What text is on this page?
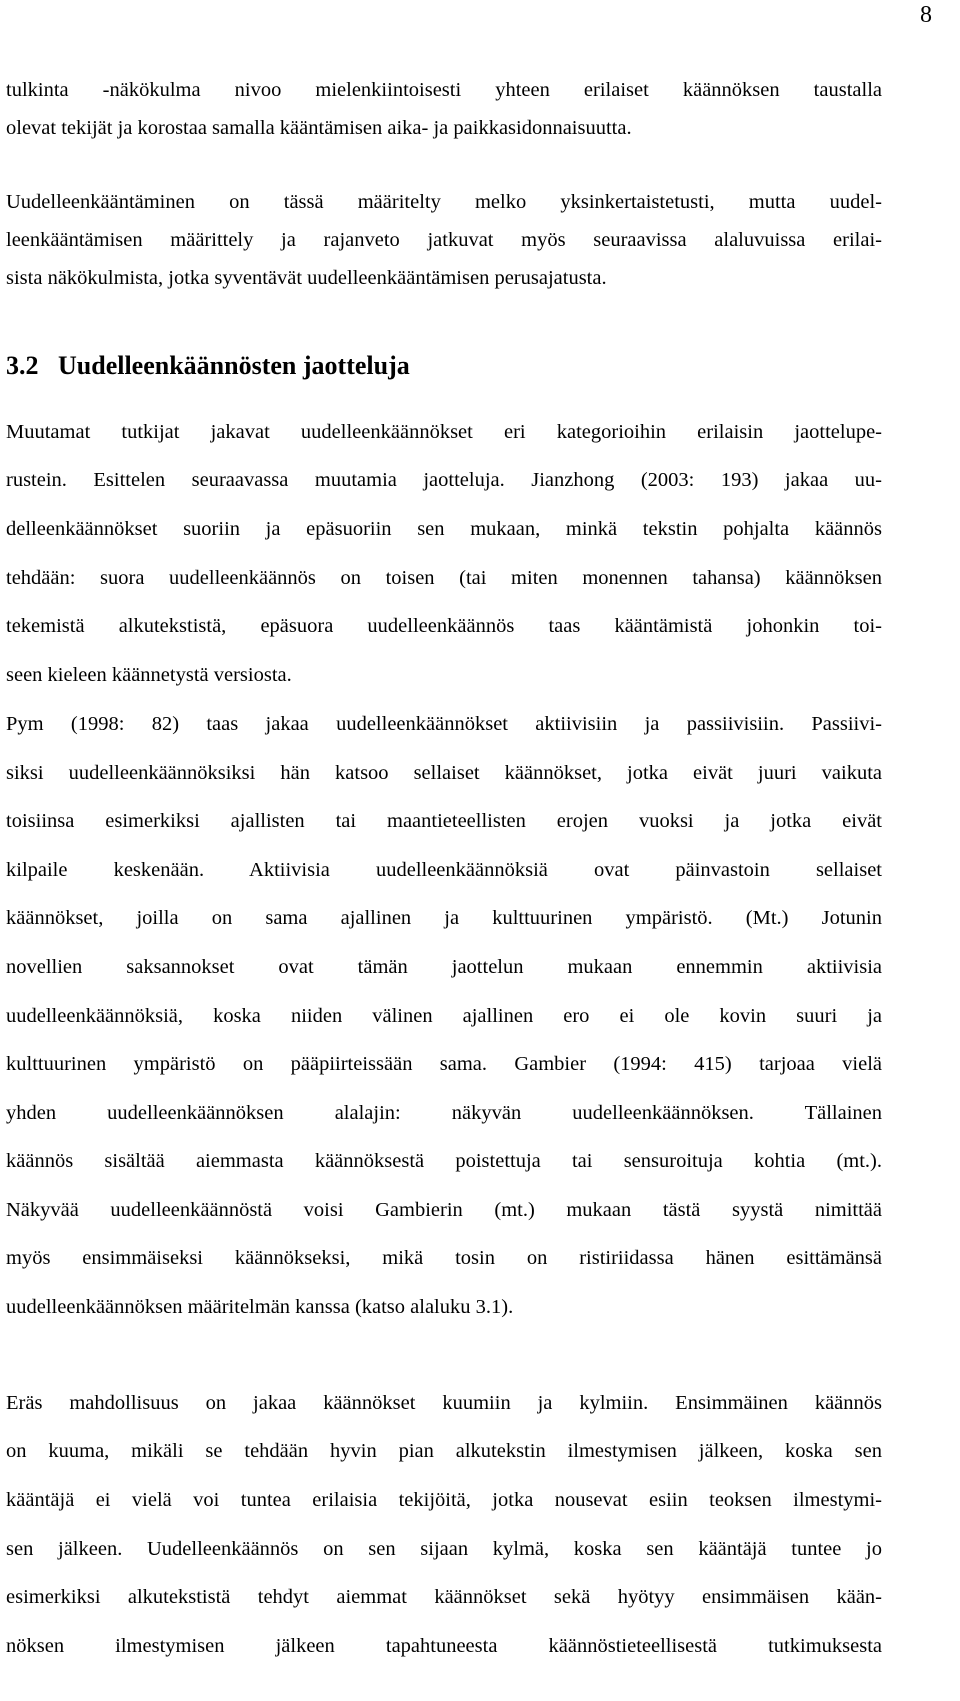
8
tulkinta -näkökulma nivoo mielenkiintoisesti yhteen erilaiset käännöksen taustalla
olevat tekijät ja korostaa samalla kääntämisen aika- ja paikkasidonnaisuutta.
Uudelleenkääntäminen on tässä määritelty melko yksinkertaistetusti, mutta uudel-
leenkääntämisen määrittely ja rajanveto jatkuvat myös seuraavissa alaluvuissa erilai-
sista näkökulmista, jotka syventävät uudelleenkääntämisen perusajatusta.
3.2 Uudelleenkäännösten jaotteluja
Muutamat tutkijat jakavat uudelleenkäännökset eri kategorioihin erilaisin jaottelupe-
rustein. Esittelen seuraavassa muutamia jaotteluja. Jianzhong (2003: 193) jakaa uu-
delleenkäännökset suoriin ja epäsuoriin sen mukaan, minkä tekstin pohjalta käännös
tehdään: suora uudelleenkäännös on toisen (tai miten monennen tahansa) käännöksen
tekemistä alkutekstistä, epäsuora uudelleenkäännös taas kääntämistä johonkin toi-
seen kieleen käännetystä versiosta.
Pym (1998: 82) taas jakaa uudelleenkäännökset aktiivisiin ja passiivisiin. Passiivi-
siksi uudelleenkäännöksiksi hän katsoo sellaiset käännökset, jotka eivät juuri vaikuta
toisiinsa esimerkiksi ajallisten tai maantieteellisten erojen vuoksi ja jotka eivät
kilpaile keskenään. Aktiivisia uudelleenkäännöksiä ovat päinvastoin sellaiset
käännökset, joilla on sama ajallinen ja kulttuurinen ympäristö. (Mt.) Jotunin
novellien saksannokset ovat tämän jaottelun mukaan ennemmin aktiivisia
uudelleenkäännöksiä, koska niiden välinen ajallinen ero ei ole kovin suuri ja
kulttuurinen ympäristö on pääpiirteissään sama. Gambier (1994: 415) tarjoaa vielä
yhden uudelleenkäännöksen alalajin: näkyvän uudelleenkäännöksen. Tällainen
käännös sisältää aiemmasta käännöksestä poistettuja tai sensuroituja kohtia (mt.).
Näkyvää uudelleenkäännöstä voisi Gambierin (mt.) mukaan tästä syystä nimittää
myös ensimmäiseksi käännökseksi, mikä tosin on ristiriidassa hänen esittämänsä
uudelleenkäännöksen määritelmän kanssa (katso alaluku 3.1).
Eräs mahdollisuus on jakaa käännökset kuumiin ja kylmiin. Ensimmäinen käännös
on kuuma, mikäli se tehdään hyvin pian alkutekstin ilmestymisen jälkeen, koska sen
kääntäjä ei vielä voi tuntea erilaisia tekijöitä, jotka nousevat esiin teoksen ilmestymi-
sen jälkeen. Uudelleenkäännös on sen sijaan kylmä, koska sen kääntäjä tuntee jo
esimerkiksi alkutekstistä tehdyt aiemmat käännökset sekä hyötyy ensimmäisen kään-
nöksen ilmestymisen jälkeen tapahtuneesta käännöstieteellisestä tutkimuksesta
